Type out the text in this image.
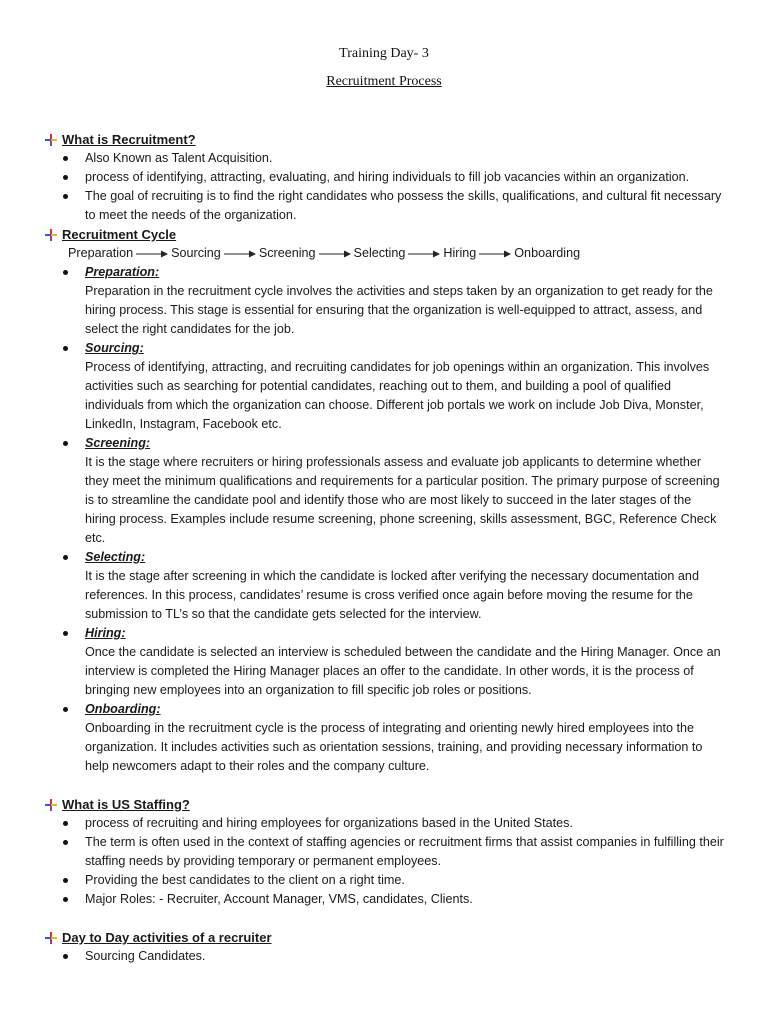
Training Day- 3
Recruitment Process
What is Recruitment?
Also Known as Talent Acquisition.
process of identifying, attracting, evaluating, and hiring individuals to fill job vacancies within an organization.
The goal of recruiting is to find the right candidates who possess the skills, qualifications, and cultural fit necessary to meet the needs of the organization.
Recruitment Cycle
Preparation	Sourcing	Screening	Selecting	Hiring	Onboarding
Preparation:
Preparation in the recruitment cycle involves the activities and steps taken by an organization to get ready for the hiring process. This stage is essential for ensuring that the organization is well-equipped to attract, assess, and select the right candidates for the job.
Sourcing:
Process of identifying, attracting, and recruiting candidates for job openings within an organization. This involves activities such as searching for potential candidates, reaching out to them, and building a pool of qualified individuals from which the organization can choose. Different job portals we work on include Job Diva, Monster, LinkedIn, Instagram, Facebook etc.
Screening:
It is the stage where recruiters or hiring professionals assess and evaluate job applicants to determine whether they meet the minimum qualifications and requirements for a particular position. The primary purpose of screening is to streamline the candidate pool and identify those who are most likely to succeed in the later stages of the hiring process. Examples include resume screening, phone screening, skills assessment, BGC, Reference Check etc.
Selecting:
It is the stage after screening in which the candidate is locked after verifying the necessary documentation and references. In this process, candidates’ resume is cross verified once again before moving the resume for the submission to TL’s so that the candidate gets selected for the interview.
Hiring:
Once the candidate is selected an interview is scheduled between the candidate and the Hiring Manager. Once an interview is completed the Hiring Manager places an offer to the candidate. In other words, it is the process of bringing new employees into an organization to fill specific job roles or positions.
Onboarding:
Onboarding in the recruitment cycle is the process of integrating and orienting newly hired employees into the organization. It includes activities such as orientation sessions, training, and providing necessary information to help newcomers adapt to their roles and the company culture.
What is US Staffing?
process of recruiting and hiring employees for organizations based in the United States.
The term is often used in the context of staffing agencies or recruitment firms that assist companies in fulfilling their staffing needs by providing temporary or permanent employees.
Providing the best candidates to the client on a right time.
Major Roles: - Recruiter, Account Manager, VMS, candidates, Clients.
Day to Day activities of a recruiter
Sourcing Candidates.
